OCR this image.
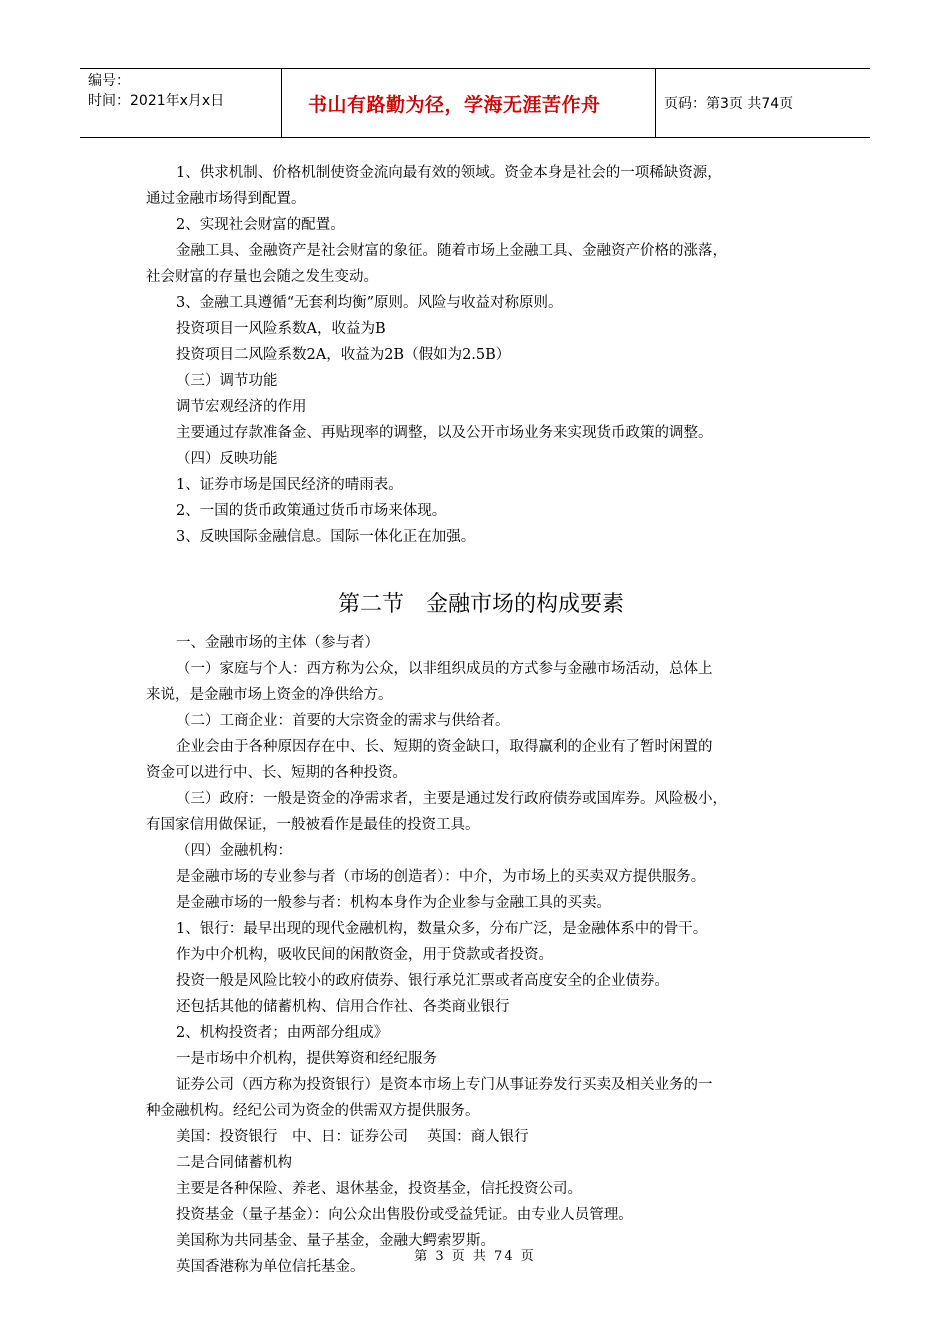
编号：
时间：2021年x月x日	书山有路勤为径，学海无涯苦作舟	页码：第3页 共74页

1、供求机制、价格机制使资金流向最有效的领域。资金本身是社会的一项稀缺资源，

通过金融市场得到配置。

2、实现社会财富的配置。

金融工具、金融资产是社会财富的象征。随着市场上金融工具、金融资产价格的涨落，

社会财富的存量也会随之发生变动。

3、金融工具遵循“无套利均衡”原则。风险与收益对称原则。

投资项目一风险系数A，收益为B

投资项目二风险系数2A，收益为2B（假如为2.5B）

（三）调节功能

调节宏观经济的作用

主要通过存款准备金、再贴现率的调整，以及公开市场业务来实现货币政策的调整。

（四）反映功能

1、证券市场是国民经济的晴雨表。

2、一国的货币政策通过货币市场来体现。

3、反映国际金融信息。国际一体化正在加强。

第二节　金融市场的构成要素

一、金融市场的主体（参与者）

（一）家庭与个人：西方称为公众，以非组织成员的方式参与金融市场活动，总体上

来说，是金融市场上资金的净供给方。

（二）工商企业：首要的大宗资金的需求与供给者。

企业会由于各种原因存在中、长、短期的资金缺口，取得赢利的企业有了暂时闲置的

资金可以进行中、长、短期的各种投资。

（三）政府：一般是资金的净需求者，主要是通过发行政府债券或国库券。风险极小，

有国家信用做保证，一般被看作是最佳的投资工具。

（四）金融机构：

是金融市场的专业参与者（市场的创造者）：中介，为市场上的买卖双方提供服务。

是金融市场的一般参与者：机构本身作为企业参与金融工具的买卖。

1、银行：最早出现的现代金融机构，数量众多，分布广泛，是金融体系中的骨干。

作为中介机构，吸收民间的闲散资金，用于贷款或者投资。

投资一般是风险比较小的政府债券、银行承兑汇票或者高度安全的企业债券。

还包括其他的储蓄机构、信用合作社、各类商业银行

2、机构投资者；由两部分组成》

一是市场中介机构，提供筹资和经纪服务

证券公司（西方称为投资银行）是资本市场上专门从事证券发行买卖及相关业务的一

种金融机构。经纪公司为资金的供需双方提供服务。

美国：投资银行　中、日：证券公司　 英国：商人银行

二是合同储蓄机构

主要是各种保险、养老、退休基金，投资基金，信托投资公司。

投资基金（量子基金）：向公众出售股份或受益凭证。由专业人员管理。

美国称为共同基金、量子基金，金融大鳄索罗斯。

英国香港称为单位信托基金。

第 3 页 共 74 页
